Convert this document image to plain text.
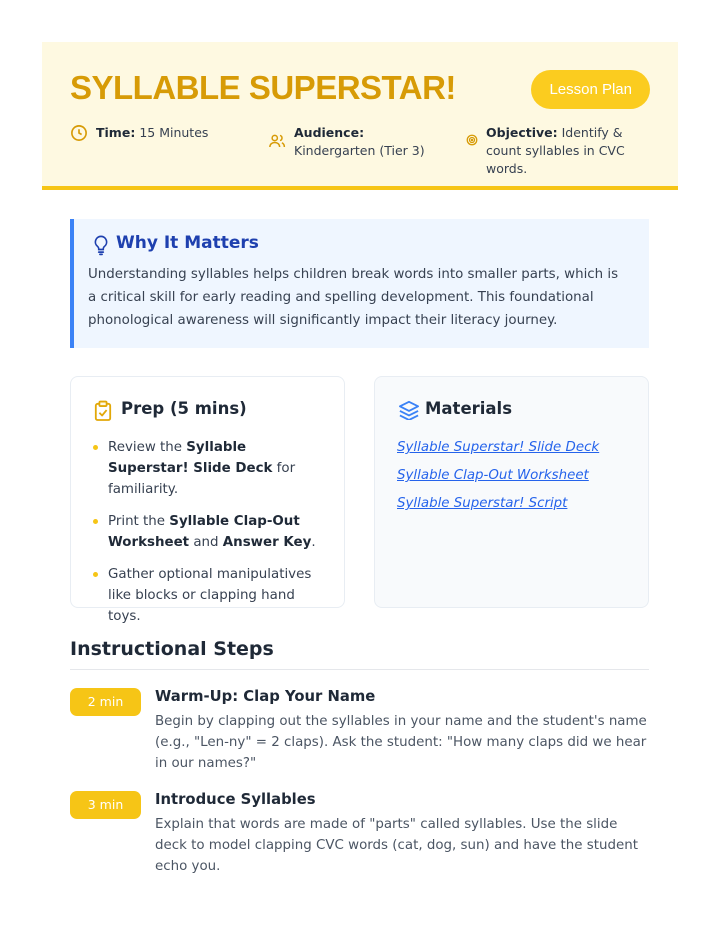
SYLLABLE SUPERSTAR!	Lesson Plan
Time: 15 Minutes	Audience: Kindergarten (Tier 3)
Objective: Identify & count syllables in CVC words.
Why It Matters

Understanding syllables helps children break words into smaller parts, which is a critical skill for early reading and spelling development. This foundational phonological awareness will significantly impact their literacy journey.

Prep (5 mins)
Review the Syllable Superstar! Slide Deck for familiarity.
Print the Syllable Clap-Out Worksheet and Answer Key.
Gather optional manipulatives like blocks or clapping hand toys.
Materials
Syllable Superstar! Slide Deck
Syllable Clap-Out Worksheet
Syllable Superstar! Script
Instructional Steps
2 min	Warm-Up: Clap Your Name

Begin by clapping out the syllables in your name and the student's name (e.g., "Len-ny" = 2 claps). Ask the student: "How many claps did we hear in our names?"

3 min	Introduce Syllables

Explain that words are made of "parts" called syllables. Use the slide deck to model clapping CVC words (cat, dog, sun) and have the student echo you.
